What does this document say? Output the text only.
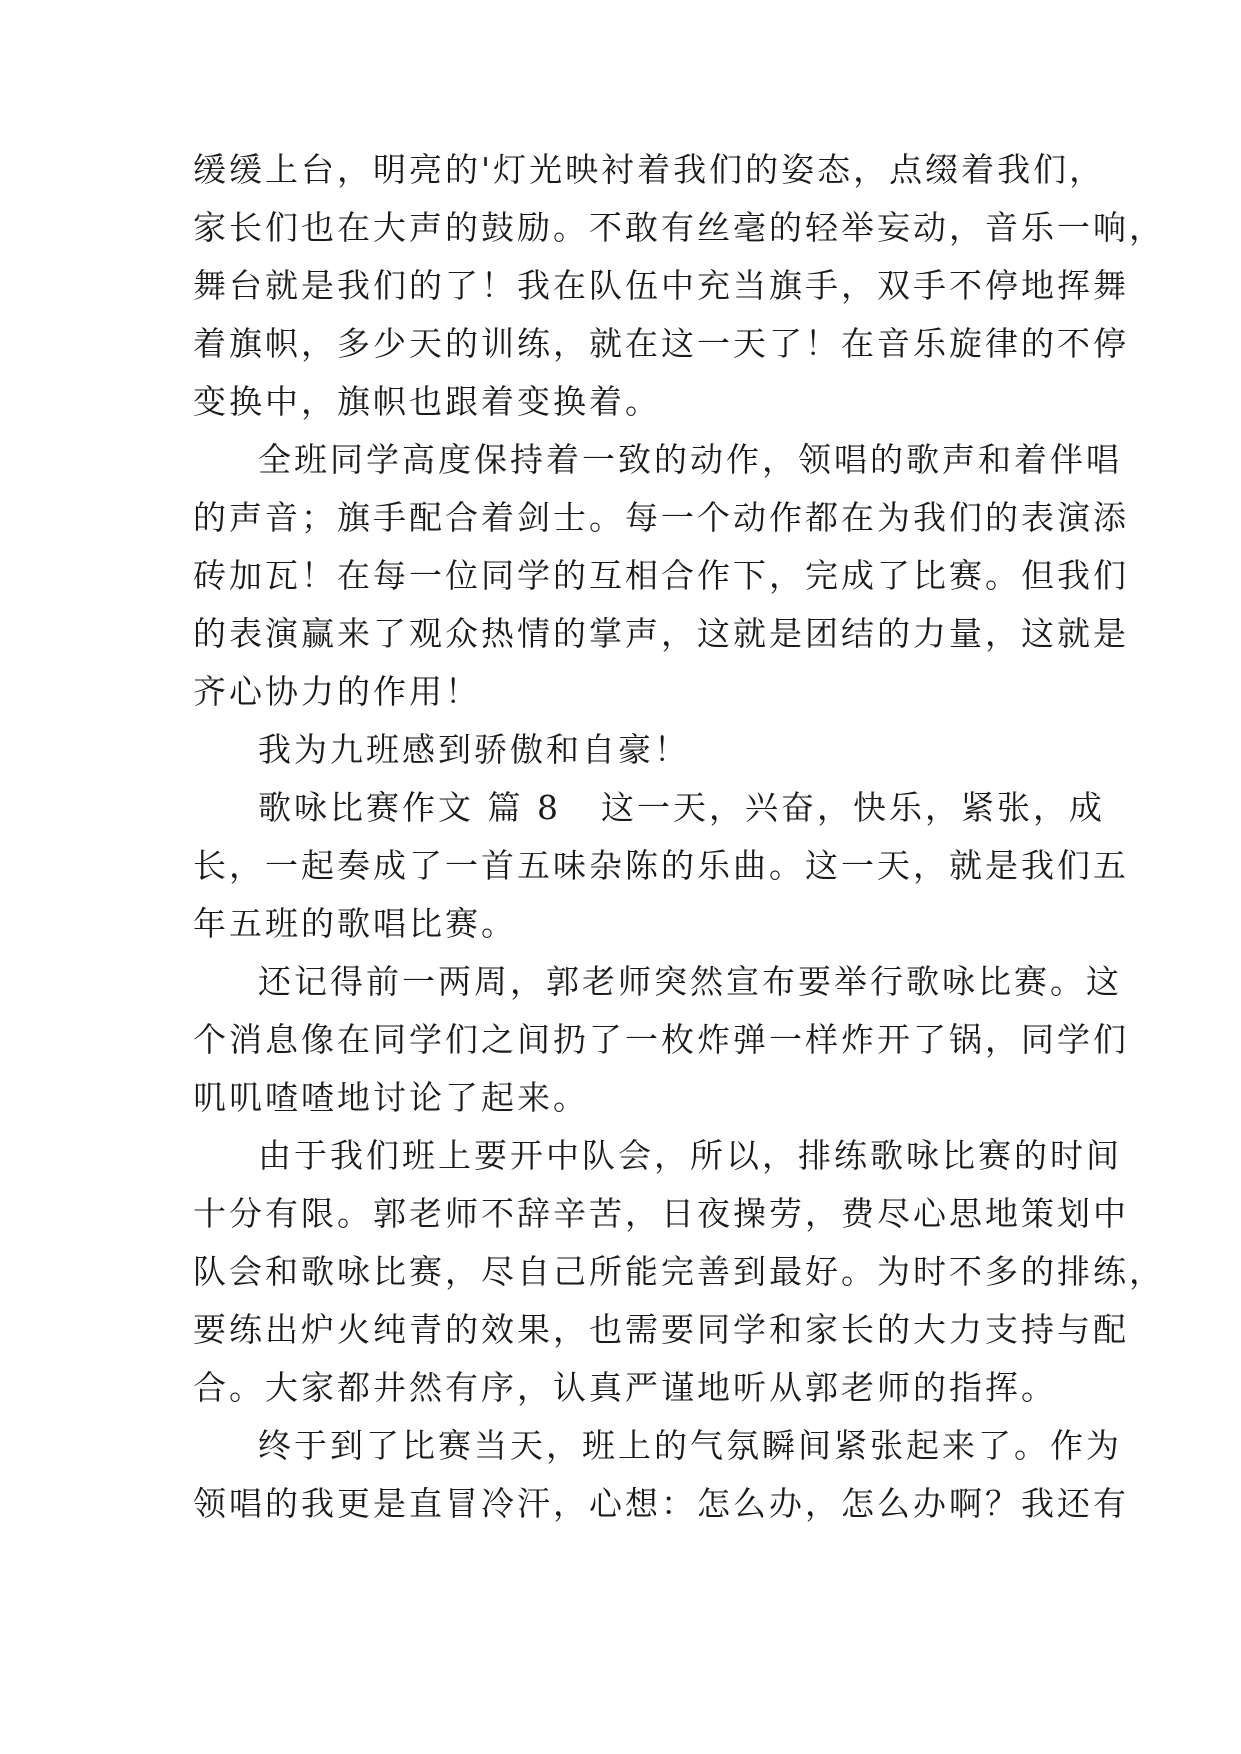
缓缓上台，明亮的'灯光映衬着我们的姿态，点缀着我们，
家长们也在大声的鼓励。不敢有丝毫的轻举妄动，音乐一响，
舞台就是我们的了！我在队伍中充当旗手，双手不停地挥舞
着旗帜，多少天的训练，就在这一天了！在音乐旋律的不停
变换中，旗帜也跟着变换着。
全班同学高度保持着一致的动作，领唱的歌声和着伴唱
的声音；旗手配合着剑士。每一个动作都在为我们的表演添
砖加瓦！在每一位同学的互相合作下，完成了比赛。但我们
的表演赢来了观众热情的掌声，这就是团结的力量，这就是
齐心协力的作用！
我为九班感到骄傲和自豪！
歌咏比赛作文 篇 8 这一天，兴奋，快乐，紧张，成
长，一起奏成了一首五味杂陈的乐曲。这一天，就是我们五
年五班的歌唱比赛。
还记得前一两周，郭老师突然宣布要举行歌咏比赛。这
个消息像在同学们之间扔了一枚炸弹一样炸开了锅，同学们
叽叽喳喳地讨论了起来。
由于我们班上要开中队会，所以，排练歌咏比赛的时间
十分有限。郭老师不辞辛苦，日夜操劳，费尽心思地策划中
队会和歌咏比赛，尽自己所能完善到最好。为时不多的排练，
要练出炉火纯青的效果，也需要同学和家长的大力支持与配
合。大家都井然有序，认真严谨地听从郭老师的指挥。
终于到了比赛当天，班上的气氛瞬间紧张起来了。作为
领唱的我更是直冒冷汗，心想：怎么办，怎么办啊？我还有
